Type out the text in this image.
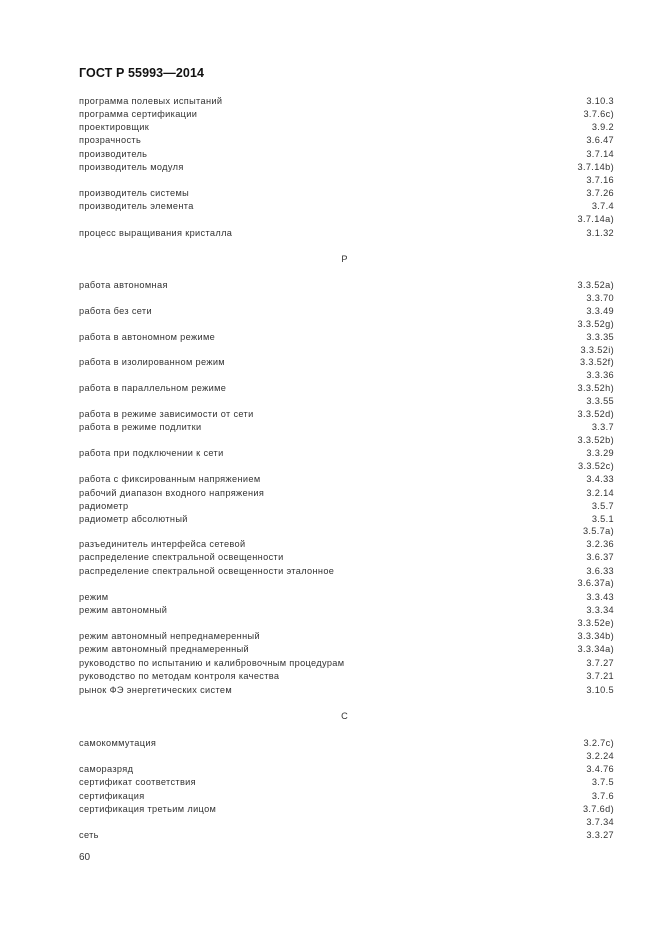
ГОСТ Р 55993—2014
программа полевых испытаний	3.10.3
программа сертификации	3.7.6c)
проектировщик	3.9.2
прозрачность	3.6.47
производитель	3.7.14
производитель модуля	3.7.14b)
3.7.16
производитель системы	3.7.26
производитель элемента	3.7.4
3.7.14a)
процесс выращивания кристалла	3.1.32
Р
работа автономная	3.3.52a)
3.3.70
работа без сети	3.3.49
3.3.52g)
работа в автономном режиме	3.3.35
3.3.52i)
работа в изолированном режим	3.3.52f)
3.3.36
работа в параллельном режиме	3.3.52h)
3.3.55
работа в режиме зависимости от сети	3.3.52d)
работа в режиме подлитки	3.3.7
3.3.52b)
работа при подключении к сети	3.3.29
3.3.52c)
работа с фиксированным напряжением	3.4.33
рабочий диапазон входного напряжения	3.2.14
радиометр	3.5.7
радиометр абсолютный	3.5.1
3.5.7a)
разъединитель интерфейса сетевой	3.2.36
распределение спектральной освещенности	3.6.37
распределение спектральной освещенности эталонное	3.6.33
3.6.37a)
режим	3.3.43
режим автономный	3.3.34
3.3.52e)
режим автономный непреднамеренный	3.3.34b)
режим автономный преднамеренный	3.3.34a)
руководство по испытанию и калибровочным процедурам	3.7.27
руководство по методам контроля качества	3.7.21
рынок ФЭ энергетических систем	3.10.5
С
самокоммутация	3.2.7c)
3.2.24
саморазряд	3.4.76
сертификат соответствия	3.7.5
сертификация	3.7.6
сертификация третьим лицом	3.7.6d)
3.7.34
сеть	3.3.27
60
